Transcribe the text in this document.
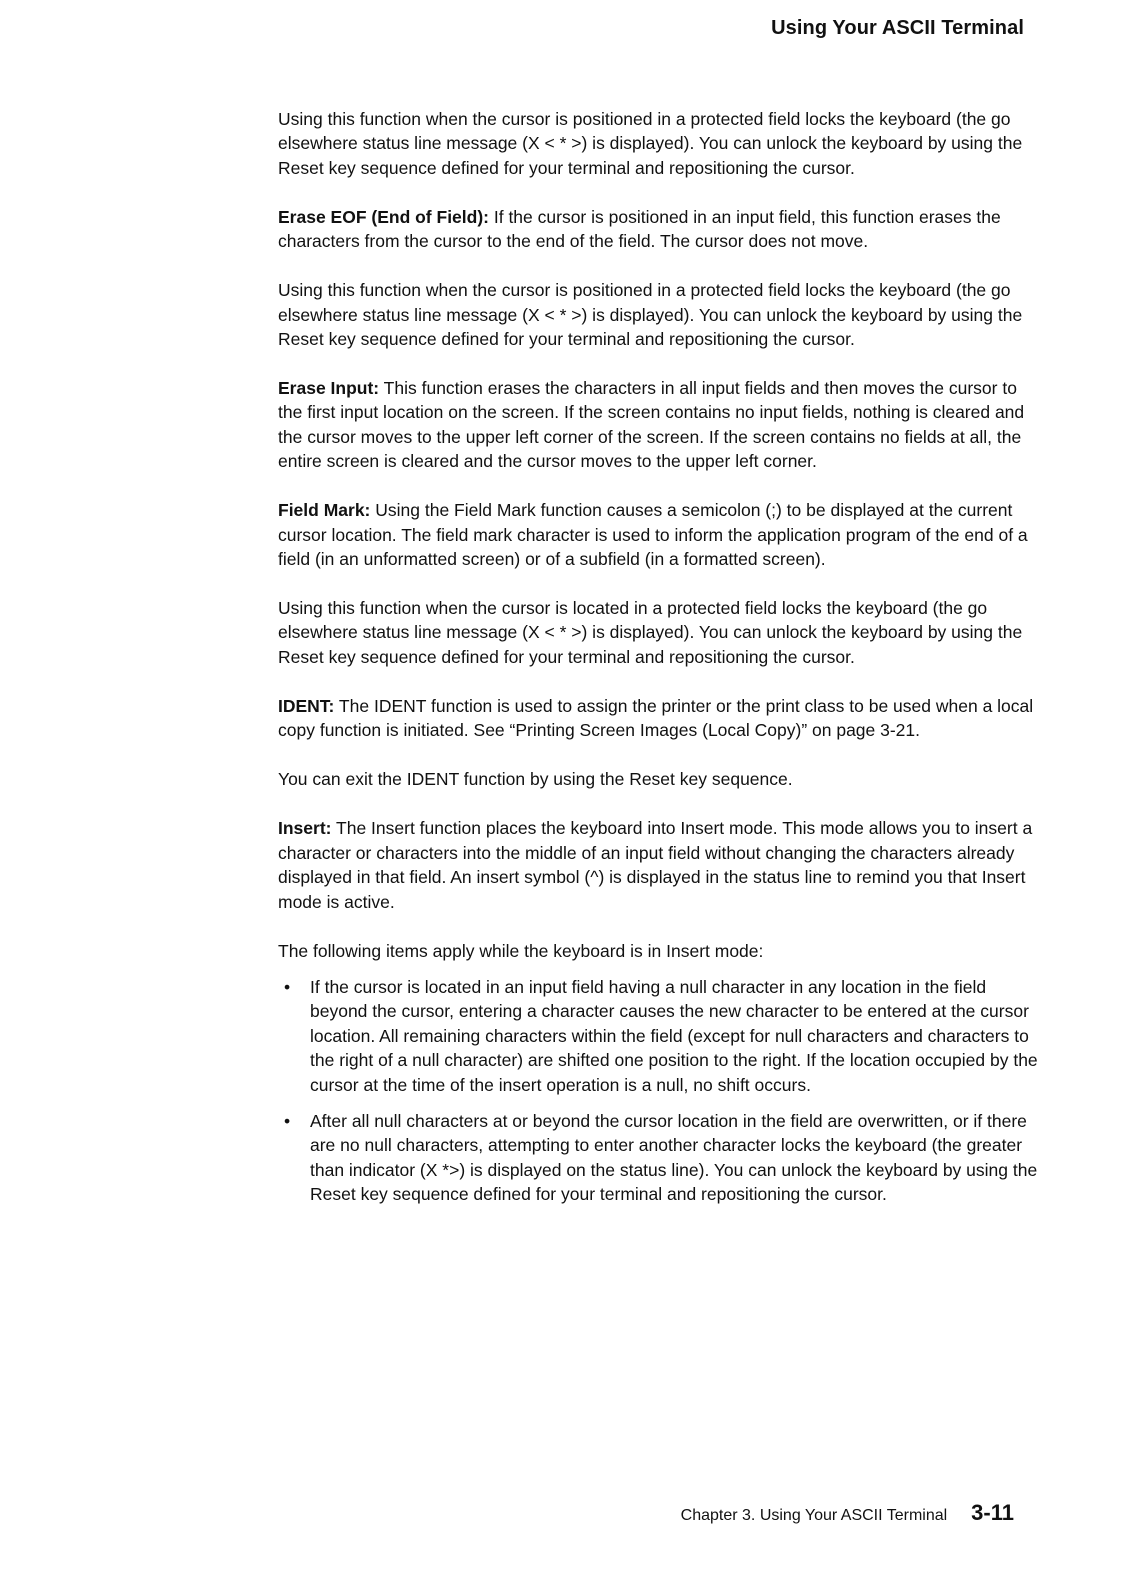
Using Your ASCII Terminal

Using this function when the cursor is positioned in a protected field locks the keyboard (the go elsewhere status line message (X < * >) is displayed). You can unlock the keyboard by using the Reset key sequence defined for your terminal and repositioning the cursor.

Erase EOF (End of Field): If the cursor is positioned in an input field, this function erases the characters from the cursor to the end of the field. The cursor does not move.

Using this function when the cursor is positioned in a protected field locks the keyboard (the go elsewhere status line message (X < * >) is displayed). You can unlock the keyboard by using the Reset key sequence defined for your terminal and repositioning the cursor.

Erase Input: This function erases the characters in all input fields and then moves the cursor to the first input location on the screen. If the screen contains no input fields, nothing is cleared and the cursor moves to the upper left corner of the screen. If the screen contains no fields at all, the entire screen is cleared and the cursor moves to the upper left corner.

Field Mark: Using the Field Mark function causes a semicolon (;) to be displayed at the current cursor location. The field mark character is used to inform the application program of the end of a field (in an unformatted screen) or of a subfield (in a formatted screen).

Using this function when the cursor is located in a protected field locks the keyboard (the go elsewhere status line message (X < * >) is displayed). You can unlock the keyboard by using the Reset key sequence defined for your terminal and repositioning the cursor.

IDENT: The IDENT function is used to assign the printer or the print class to be used when a local copy function is initiated. See “Printing Screen Images (Local Copy)” on page 3-21.

You can exit the IDENT function by using the Reset key sequence.

Insert: The Insert function places the keyboard into Insert mode. This mode allows you to insert a character or characters into the middle of an input field without changing the characters already displayed in that field. An insert symbol (^) is displayed in the status line to remind you that Insert mode is active.

The following items apply while the keyboard is in Insert mode:

• If the cursor is located in an input field having a null character in any location in the field beyond the cursor, entering a character causes the new character to be entered at the cursor location. All remaining characters within the field (except for null characters and characters to the right of a null character) are shifted one position to the right. If the location occupied by the cursor at the time of the insert operation is a null, no shift occurs.
• After all null characters at or beyond the cursor location in the field are overwritten, or if there are no null characters, attempting to enter another character locks the keyboard (the greater than indicator (X *>) is displayed on the status line). You can unlock the keyboard by using the Reset key sequence defined for your terminal and repositioning the cursor.
Chapter 3. Using Your ASCII Terminal 3-11
